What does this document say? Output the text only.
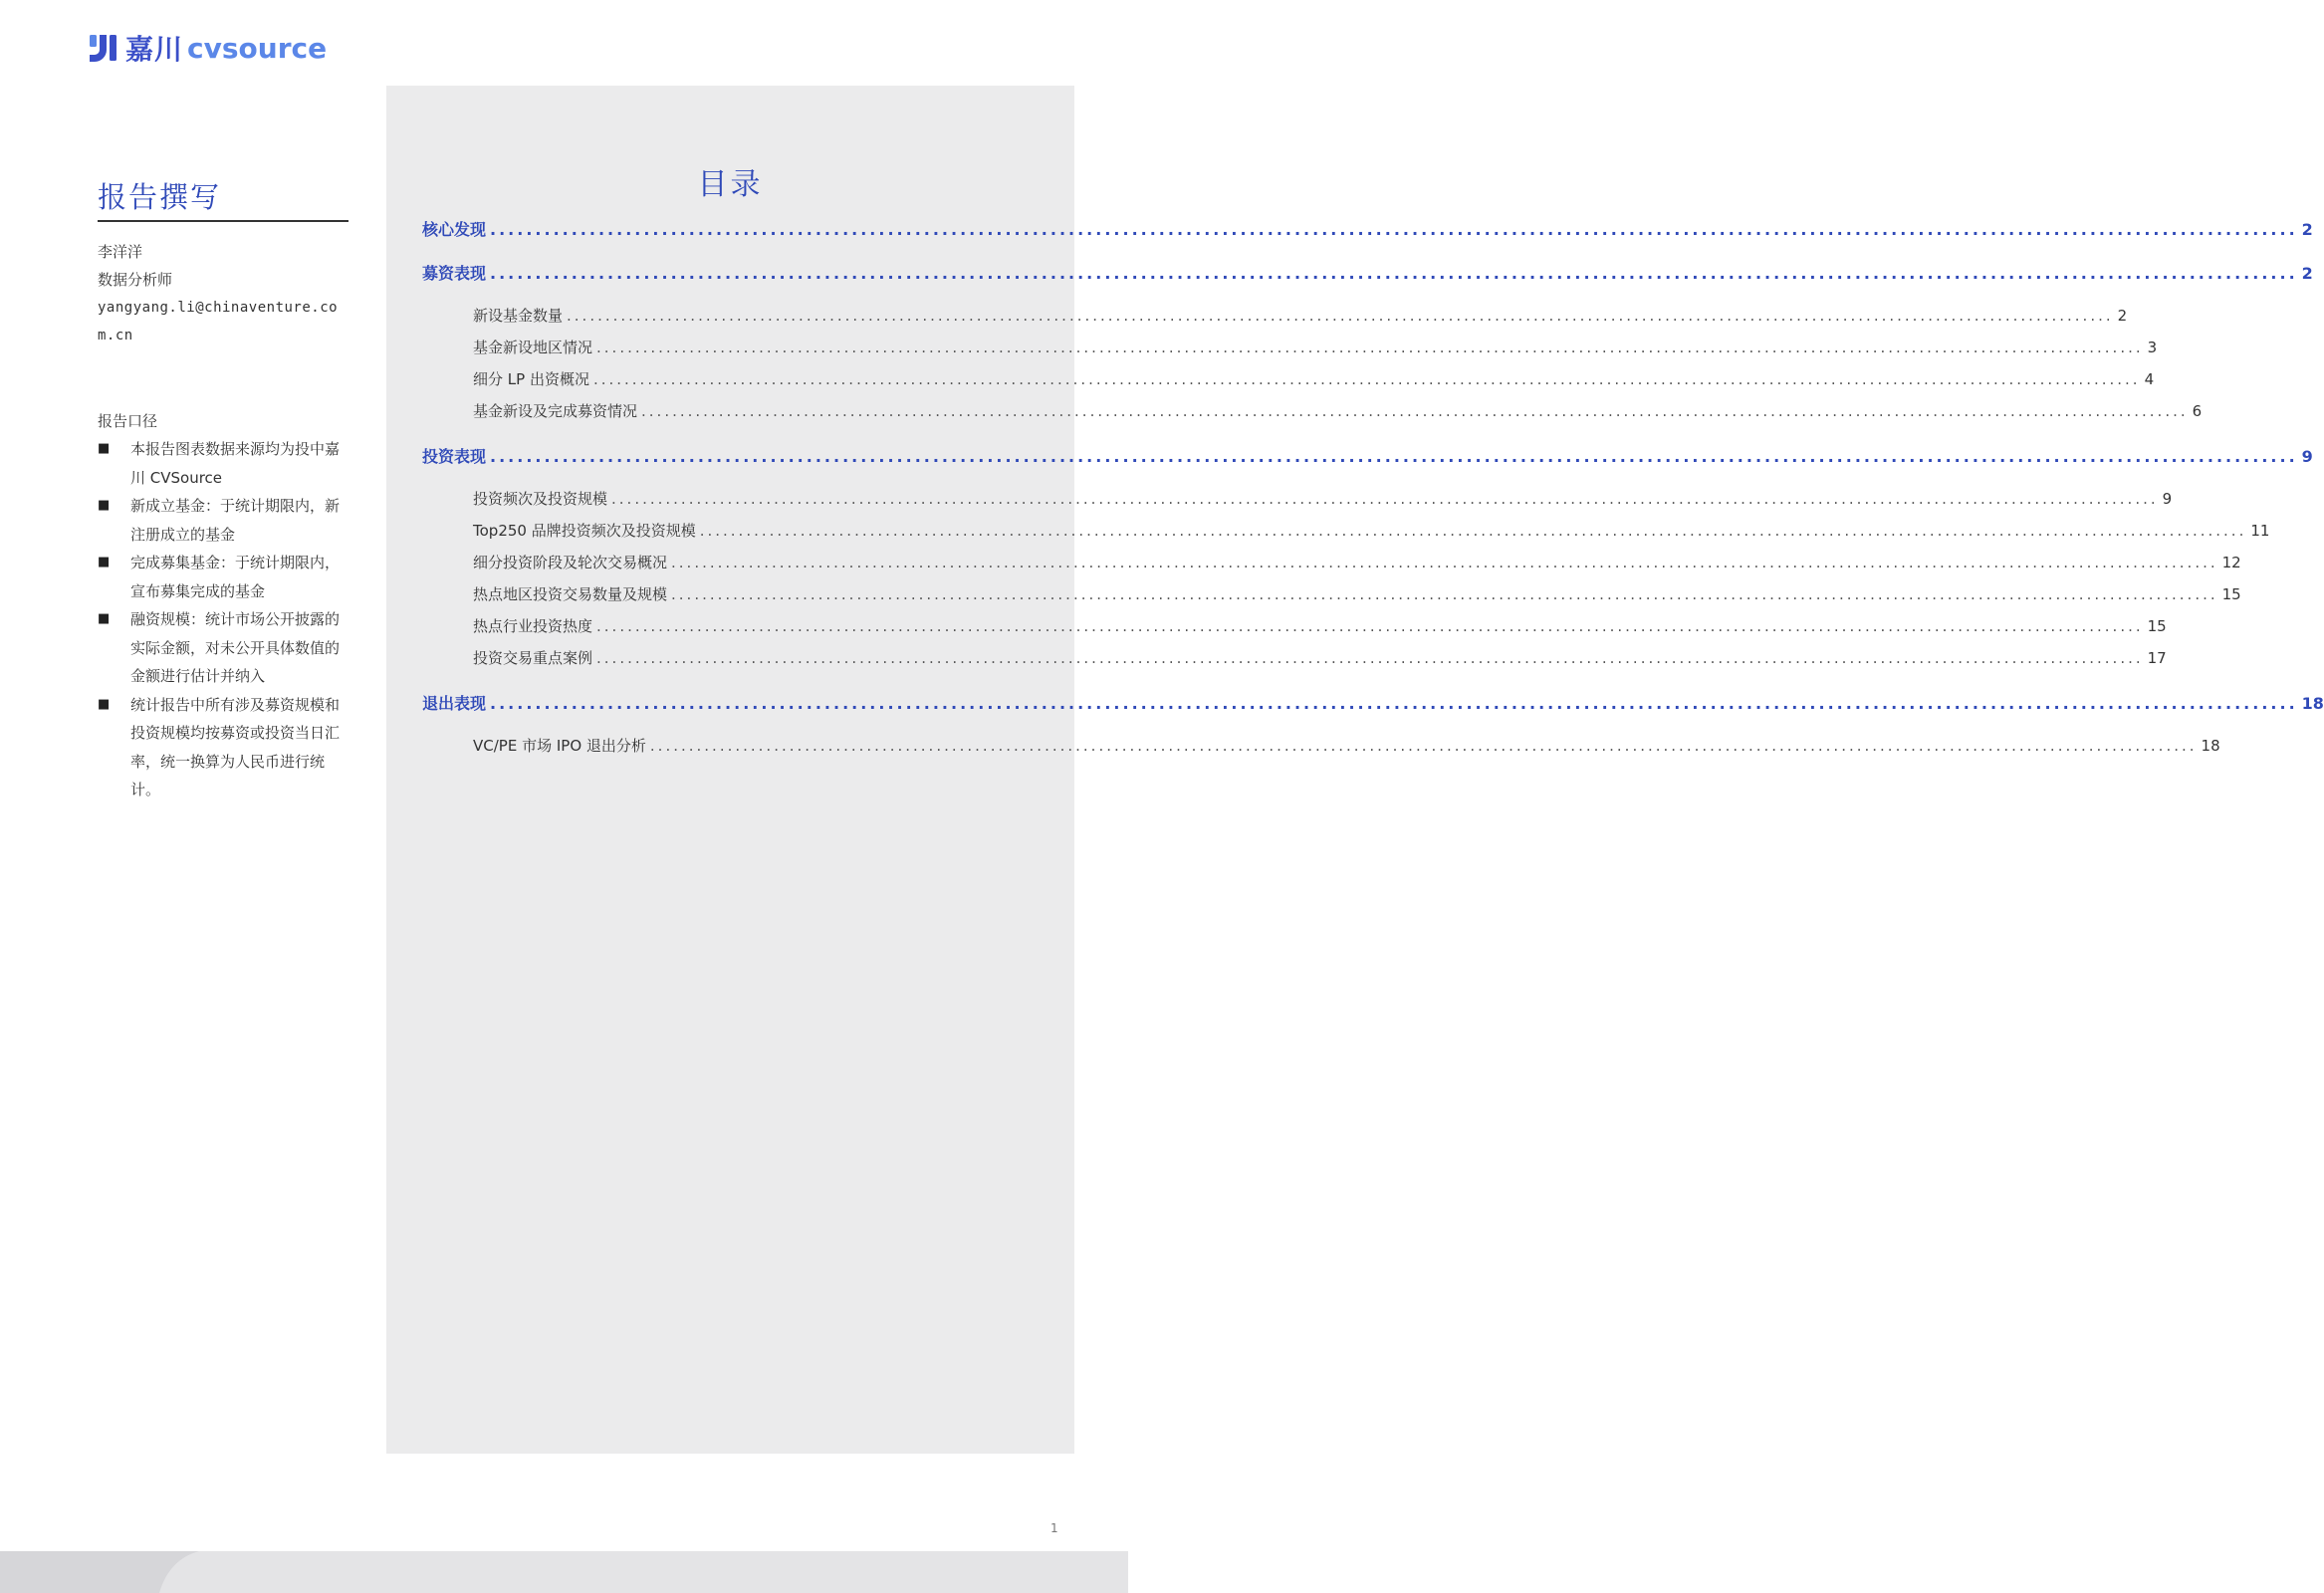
嘉川 cvsource
报告撰写
李洋洋
数据分析师
yangyang.li@chinaventure.com.cn
报告口径
■ 本报告图表数据来源均为投中嘉川 CVSource
■ 新成立基金：于统计期限内，新注册成立的基金
■ 完成募集基金：于统计期限内，宣布募集完成的基金
■ 融资规模：统计市场公开披露的实际金额，对未公开具体数值的金额进行估计并纳入
■ 统计报告中所有涉及募资规模和投资规模均按募资或投资当日汇率，统一换算为人民币进行统计。
目录
核心发现 ........................................................................................................................................................................................................ 2
募资表现 ........................................................................................................................................................................................................ 2
新设基金数量 ........................................................................................................................................................................................................ 2
基金新设地区情况 ........................................................................................................................................................................................................ 3
细分 LP 出资概况 ........................................................................................................................................................................................................ 4
基金新设及完成募资情况 ........................................................................................................................................................................................................ 6
投资表现 ........................................................................................................................................................................................................ 9
投资频次及投资规模 ........................................................................................................................................................................................................ 9
Top250 品牌投资频次及投资规模 ........................................................................................................................................................................................................ 11
细分投资阶段及轮次交易概况 ........................................................................................................................................................................................................ 12
热点地区投资交易数量及规模 ........................................................................................................................................................................................................ 15
热点行业投资热度 ........................................................................................................................................................................................................ 15
投资交易重点案例 ........................................................................................................................................................................................................ 17
退出表现 ........................................................................................................................................................................................................ 18
VC/PE 市场 IPO 退出分析 ........................................................................................................................................................................................................ 18
1
